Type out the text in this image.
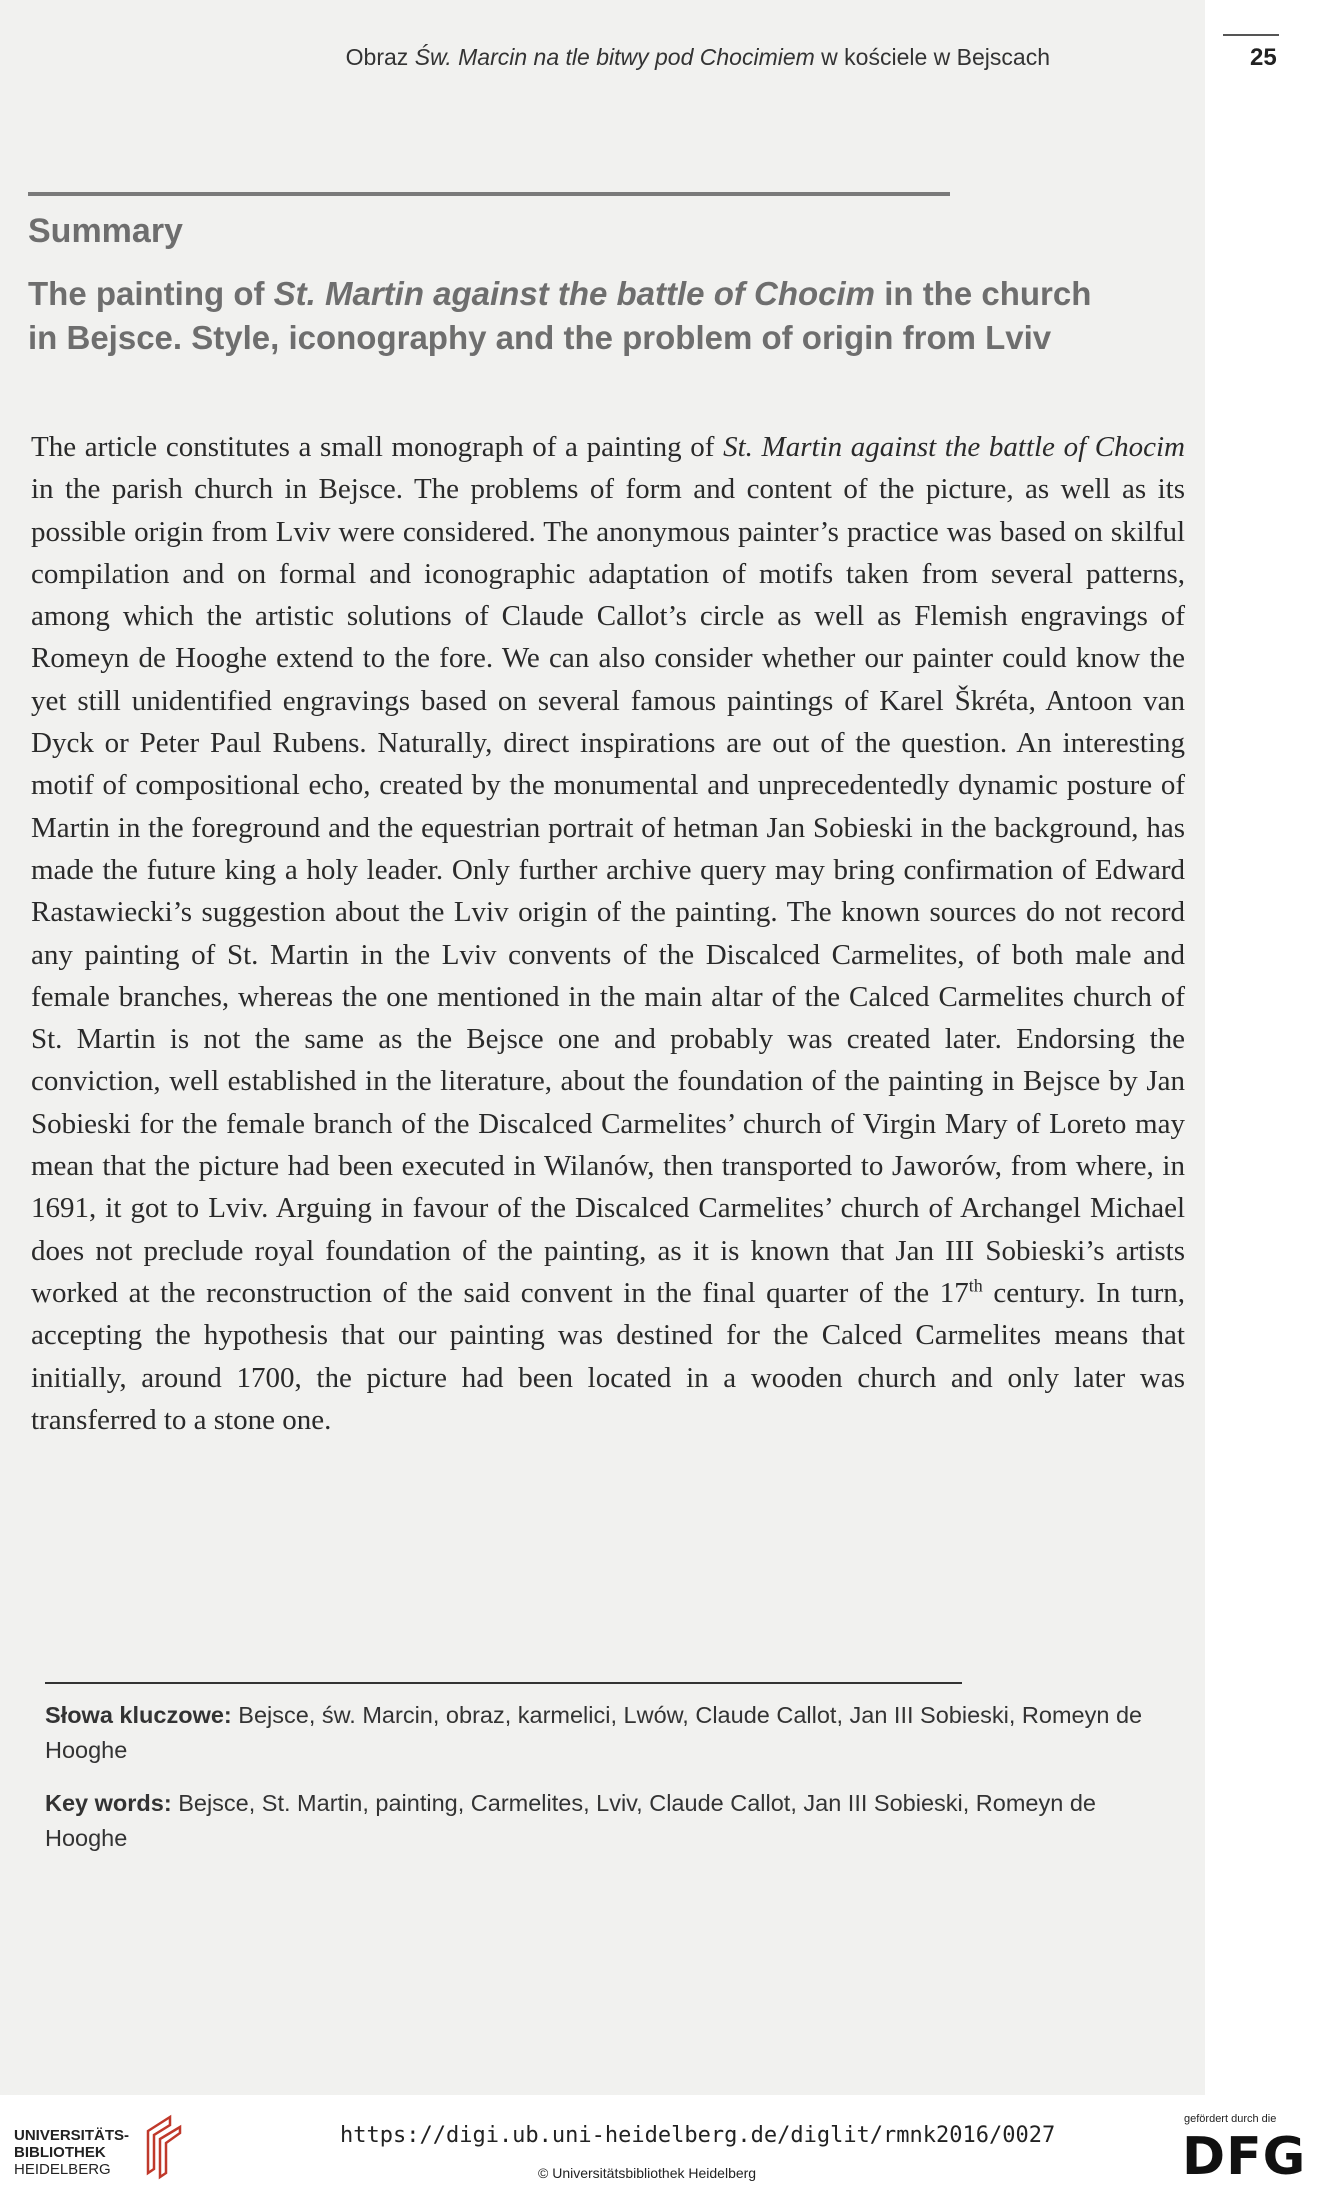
Obraz Św. Marcin na tle bitwy pod Chocimiem w kościele w Bejscach	25
Summary
The painting of St. Martin against the battle of Chocim in the church
in Bejsce. Style, iconography and the problem of origin from Lviv
The article constitutes a small monograph of a painting of St. Martin against the battle of Chocim in the parish church in Bejsce. The problems of form and content of the picture, as well as its possible origin from Lviv were considered. The anonymous painter’s practice was based on skilful compilation and on formal and iconographic adaptation of motifs taken from several patterns, among which the artistic solutions of Claude Callot’s circle as well as Flemish engravings of Romeyn de Hooghe extend to the fore. We can also consider whether our painter could know the yet still unidentified engravings based on several famous paintings of Karel Škréta, Antoon van Dyck or Peter Paul Rubens. Naturally, direct inspirations are out of the question. An interesting motif of compositional echo, created by the monumental and unprecedentedly dynamic posture of Martin in the foreground and the equestrian portrait of hetman Jan Sobieski in the background, has made the future king a holy leader. Only further archive query may bring confirmation of Edward Rastawiecki’s suggestion about the Lviv origin of the painting. The known sources do not record any painting of St. Martin in the Lviv convents of the Discalced Carmelites, of both male and female branches, whereas the one mentioned in the main altar of the Calced Carmelites church of St. Martin is not the same as the Bejsce one and probably was created later. Endorsing the conviction, well established in the literature, about the foundation of the painting in Bejsce by Jan Sobieski for the female branch of the Discalced Carmelites’ church of Virgin Mary of Loreto may mean that the picture had been executed in Wilanów, then transported to Jaworów, from where, in 1691, it got to Lviv. Arguing in favour of the Discalced Carmelites’ church of Archangel Michael does not preclude royal foundation of the painting, as it is known that Jan III Sobieski’s artists worked at the reconstruction of the said convent in the final quarter of the 17th century. In turn, accepting the hypothesis that our painting was destined for the Calced Carmelites means that initially, around 1700, the picture had been located in a wooden church and only later was transferred to a stone one.
Słowa kluczowe: Bejsce, św. Marcin, obraz, karmelici, Lwów, Claude Callot, Jan III Sobieski, Romeyn de Hooghe
Key words: Bejsce, St. Martin, painting, Carmelites, Lviv, Claude Callot, Jan III Sobieski, Romeyn de Hooghe
UNIVERSITÄTS-
BIBLIOTHEK
HEIDELBERG
https://digi.ub.uni-heidelberg.de/diglit/rmnk2016/0027
© Universitätsbibliothek Heidelberg
gefördert durch die
DFG
